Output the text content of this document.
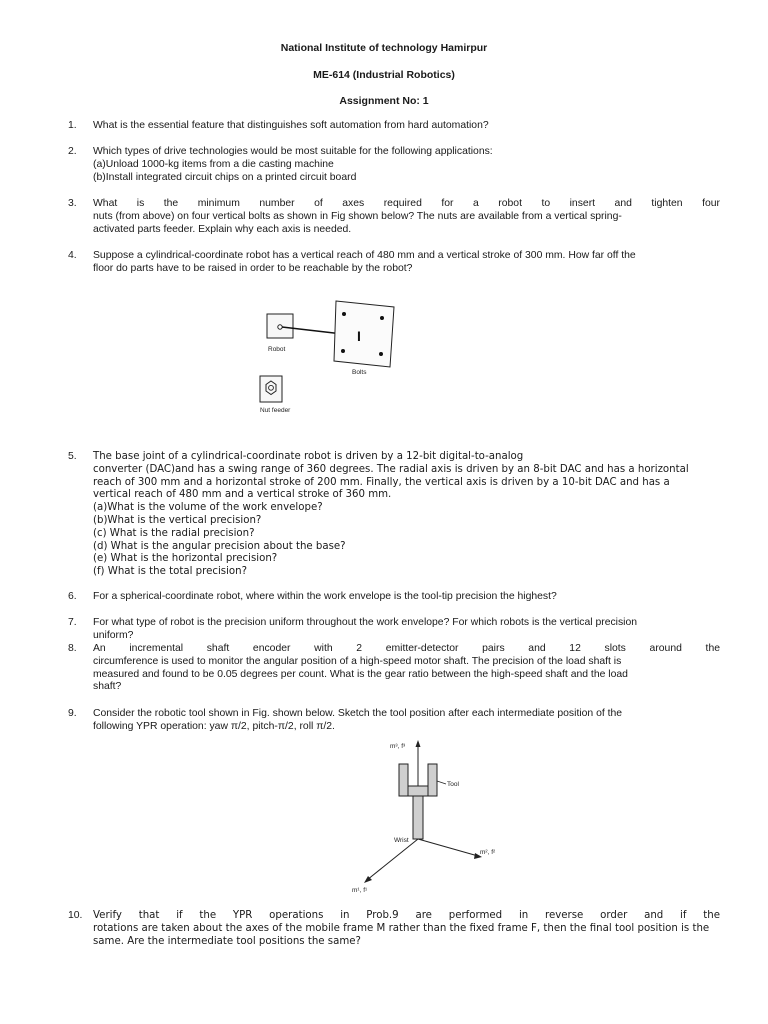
National Institute of technology Hamirpur
ME-614 (Industrial Robotics)
Assignment No: 1
1.	What is the essential feature that distinguishes soft automation from hard automation?
2.	Which types of drive technologies would be most suitable for the following applications:
(a)Unload 1000-kg items from a die casting machine
(b)Install integrated circuit chips on a printed circuit board
3.	What is the minimum number of axes required for a robot to insert and tighten four
nuts (from above) on four vertical bolts as shown in Fig shown below? The nuts are available from a vertical spring-
activated parts feeder. Explain why each axis is needed.
4.	Suppose a cylindrical-coordinate robot has a vertical reach of 480 mm and a vertical stroke of 300 mm. How far off the
floor do parts have to be raised in order to be reachable by the robot?
I
Robot
Bolts
Nut feeder
5.	The base joint of a cylindrical-coordinate robot is driven by a 12-bit digital-to-analog
converter (DAC)and has a swing range of 360 degrees. The radial axis is driven by an 8-bit DAC and has a horizontal
reach of 300 mm and a horizontal stroke of 200 mm. Finally, the vertical axis is driven by a 10-bit DAC and has a
vertical reach of 480 mm and a vertical stroke of 360 mm.
(a)What is the volume of the work envelope?
(b)What is the vertical precision?
(c) What is the radial precision?
(d) What is the angular precision about the base?
(e) What is the horizontal precision?
(f) What is the total precision?
6.	For a spherical-coordinate robot, where within the work envelope is the tool-tip precision the highest?
7.	For what type of robot is the precision uniform throughout the work envelope? For which robots is the vertical precision
uniform?
8.	An incremental shaft encoder with 2 emitter-detector pairs and 12 slots around the
circumference is used to monitor the angular position of a high-speed motor shaft. The precision of the load shaft is
measured and found to be 0.05 degrees per count. What is the gear ratio between the high-speed shaft and the load
shaft?
9.	Consider the robotic tool shown in Fig. shown below. Sketch the tool position after each intermediate position of the
following YPR operation: yaw π/2, pitch-π/2, roll π/2.
m³, f³
Tool
Wrist
m², f²
m¹, f¹
10.	Verify that if the YPR operations in Prob.9 are performed in reverse order and if the
rotations are taken about the axes of the mobile frame M rather than the fixed frame F, then the final tool position is the
same. Are the intermediate tool positions the same?
